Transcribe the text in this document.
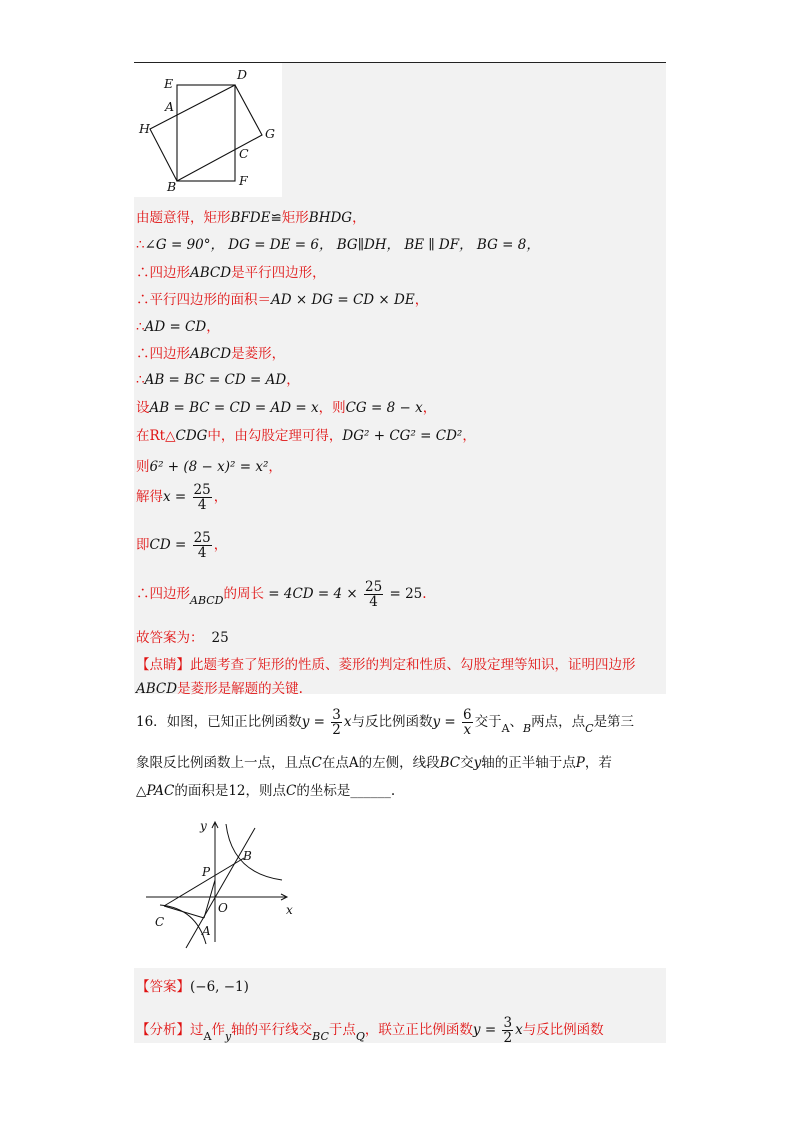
E
D
A
H	G
C
B	F
由题意得，矩形BFDE≌矩形BHDG，
∴∠G = 90°， DG = DE = 6， BG∥DH， BE ∥ DF， BG = 8，
∴四边形ABCD是平行四边形，
∴平行四边形的面积＝AD × DG = CD × DE，
∴AD = CD，
∴四边形ABCD是菱形，
∴AB = BC = CD = AD，
设AB = BC = CD = AD = x，则CG = 8 − x，
在Rt△CDG中，由勾股定理可得，DG² + CG² = CD²，
则6² + (8 − x)² = x²，
解得$x = \frac{25}{4}$ ，
即CD = $\frac{25}{4}$ ，
∴四边形$_{ABCD}$的周长 = $4CD = 4 \times \frac{25}{4} = 25$.
故答案为： 25
【点睛】此题考查了矩形的性质、菱形的判定和性质、勾股定理等知识，证明四边形
ABCD是菱形是解题的关键.
16．如图，已知正比例函数$y = \frac{3}{2}$ x与反比例函数$y = \frac{6}{x}$ 交于$_A$、$_B$两点，点$_C$是第三
象限反比例函数上一点，且点C在点A的左侧，线段BC交y轴的正半轴于点P，若
△PAC的面积是12，则点C的坐标是______.
y
x
P
B
O
C
A
【答案】(−6, −1)
【分析】过$_A$作$_y$轴的平行线交$_{BC}$于点$_Q$，联立正比例函数$y = \frac{3}{2}$ x与反比例函数
